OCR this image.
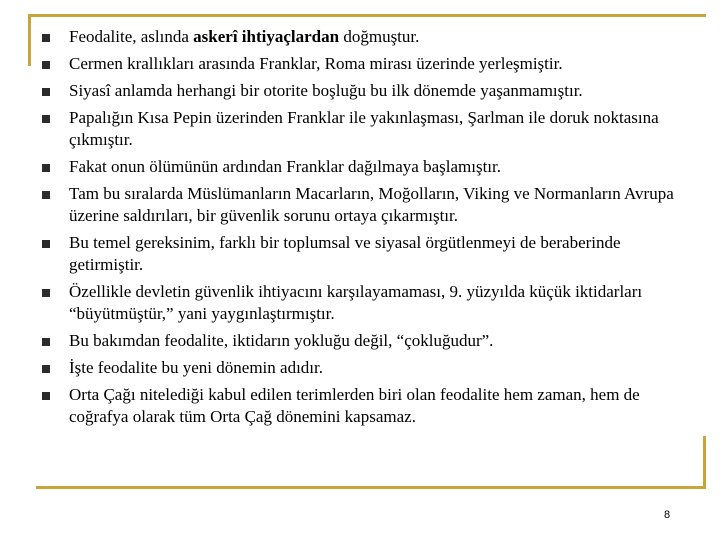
Feodalite, aslında askerî ihtiyaçlardan doğmuştur.
Cermen krallıkları arasında Franklar, Roma mirası üzerinde yerleşmiştir.
Siyasî anlamda herhangi bir otorite boşluğu bu ilk dönemde yaşanmamıştır.
Papalığın Kısa Pepin üzerinden Franklar ile yakınlaşması, Şarlman ile doruk noktasına çıkmıştır.
Fakat onun ölümünün ardından Franklar dağılmaya başlamıştır.
Tam bu sıralarda Müslümanların Macarların, Moğolların, Viking ve Normanların Avrupa üzerine saldırıları, bir güvenlik sorunu ortaya çıkarmıştır.
Bu temel gereksinim, farklı bir toplumsal ve siyasal örgütlenmeyi de beraberinde getirmiştir.
Özellikle devletin güvenlik ihtiyacını karşılayamaması, 9. yüzyılda küçük iktidarları “büyütmüştür,” yani yaygınlaştırmıştır.
Bu bakımdan feodalite, iktidarın yokluğu değil, “çokluğudur”.
İşte feodalite bu yeni dönemin adıdır.
Orta Çağı nitelediği kabul edilen terimlerden biri olan feodalite hem zaman, hem de coğrafya olarak tüm Orta Çağ dönemini kapsamaz.
8
